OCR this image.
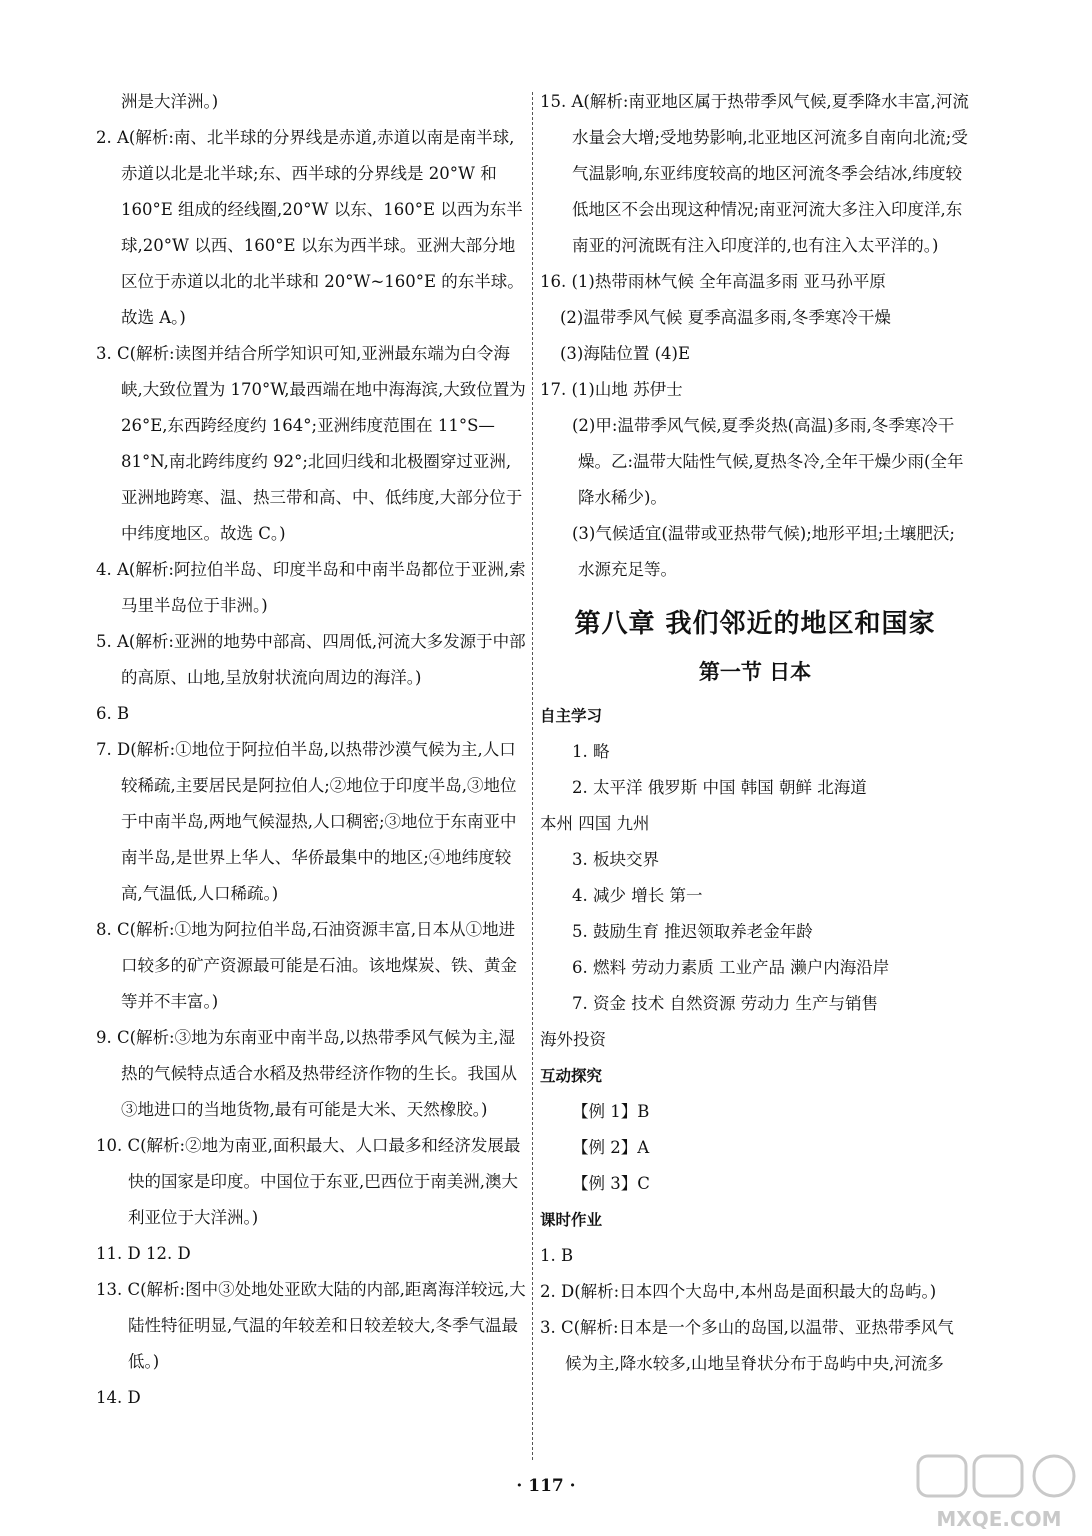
洲是大洋洲。)
2. A(解析:南、北半球的分界线是赤道,赤道以南是南半球,赤道以北是北半球;东、西半球的分界线是 20°W 和 160°E 组成的经线圈,20°W 以东、160°E 以西为东半球,20°W 以西、160°E 以东为西半球。亚洲大部分地区位于赤道以北的北半球和 20°W~160°E 的东半球。故选 A。)
3. C(解析:读图并结合所学知识可知,亚洲最东端为白令海峡,大致位置为 170°W,最西端在地中海海滨,大致位置为 26°E,东西跨经度约 164°;亚洲纬度范围在 11°S—81°N,南北跨纬度约 92°;北回归线和北极圈穿过亚洲,亚洲地跨寒、温、热三带和高、中、低纬度,大部分位于中纬度地区。故选 C。)
4. A(解析:阿拉伯半岛、印度半岛和中南半岛都位于亚洲,索马里半岛位于非洲。)
5. A(解析:亚洲的地势中部高、四周低,河流大多发源于中部的高原、山地,呈放射状流向周边的海洋。)
6. B
7. D(解析:①地位于阿拉伯半岛,以热带沙漠气候为主,人口较稀疏,主要居民是阿拉伯人;②地位于印度半岛,③地位于中南半岛,两地气候湿热,人口稠密;③地位于东南亚中南半岛,是世界上华人、华侨最集中的地区;④地纬度较高,气温低,人口稀疏。)
8. C(解析:①地为阿拉伯半岛,石油资源丰富,日本从①地进口较多的矿产资源最可能是石油。该地煤炭、铁、黄金等并不丰富。)
9. C(解析:③地为东南亚中南半岛,以热带季风气候为主,湿热的气候特点适合水稻及热带经济作物的生长。我国从③地进口的当地货物,最有可能是大米、天然橡胶。)
10. C(解析:②地为南亚,面积最大、人口最多和经济发展最快的国家是印度。中国位于东亚,巴西位于南美洲,澳大利亚位于大洋洲。)
11. D 12. D
13. C(解析:图中③处地处亚欧大陆的内部,距离海洋较远,大陆性特征明显,气温的年较差和日较差较大,冬季气温最低。)
14. D
15. A(解析:南亚地区属于热带季风气候,夏季降水丰富,河流水量会大增;受地势影响,北亚地区河流多自南向北流;受气温影响,东亚纬度较高的地区河流冬季会结冰,纬度较低地区不会出现这种情况;南亚河流大多注入印度洋,东南亚的河流既有注入印度洋的,也有注入太平洋的。)
16. (1)热带雨林气候 全年高温多雨 亚马孙平原
(2)温带季风气候 夏季高温多雨,冬季寒冷干燥
(3)海陆位置 (4)E
17. (1)山地 苏伊士
(2)甲:温带季风气候,夏季炎热(高温)多雨,冬季寒冷干燥。乙:温带大陆性气候,夏热冬冷,全年干燥少雨(全年降水稀少)。
(3)气候适宜(温带或亚热带气候);地形平坦;土壤肥沃;水源充足等。
第八章 我们邻近的地区和国家
第一节 日本
自主学习
1. 略
2. 太平洋 俄罗斯 中国 韩国 朝鲜 北海道
本州 四国 九州
3. 板块交界
4. 减少 增长 第一
5. 鼓励生育 推迟领取养老金年龄
6. 燃料 劳动力素质 工业产品 濑户内海沿岸
7. 资金 技术 自然资源 劳动力 生产与销售
海外投资
互动探究
【例 1】B
【例 2】A
【例 3】C
课时作业
1. B
2. D(解析:日本四个大岛中,本州岛是面积最大的岛屿。)
3. C(解析:日本是一个多山的岛国,以温带、亚热带季风气候为主,降水较多,山地呈脊状分布于岛屿中央,河流多
· 117 ·
MXQE.COM
